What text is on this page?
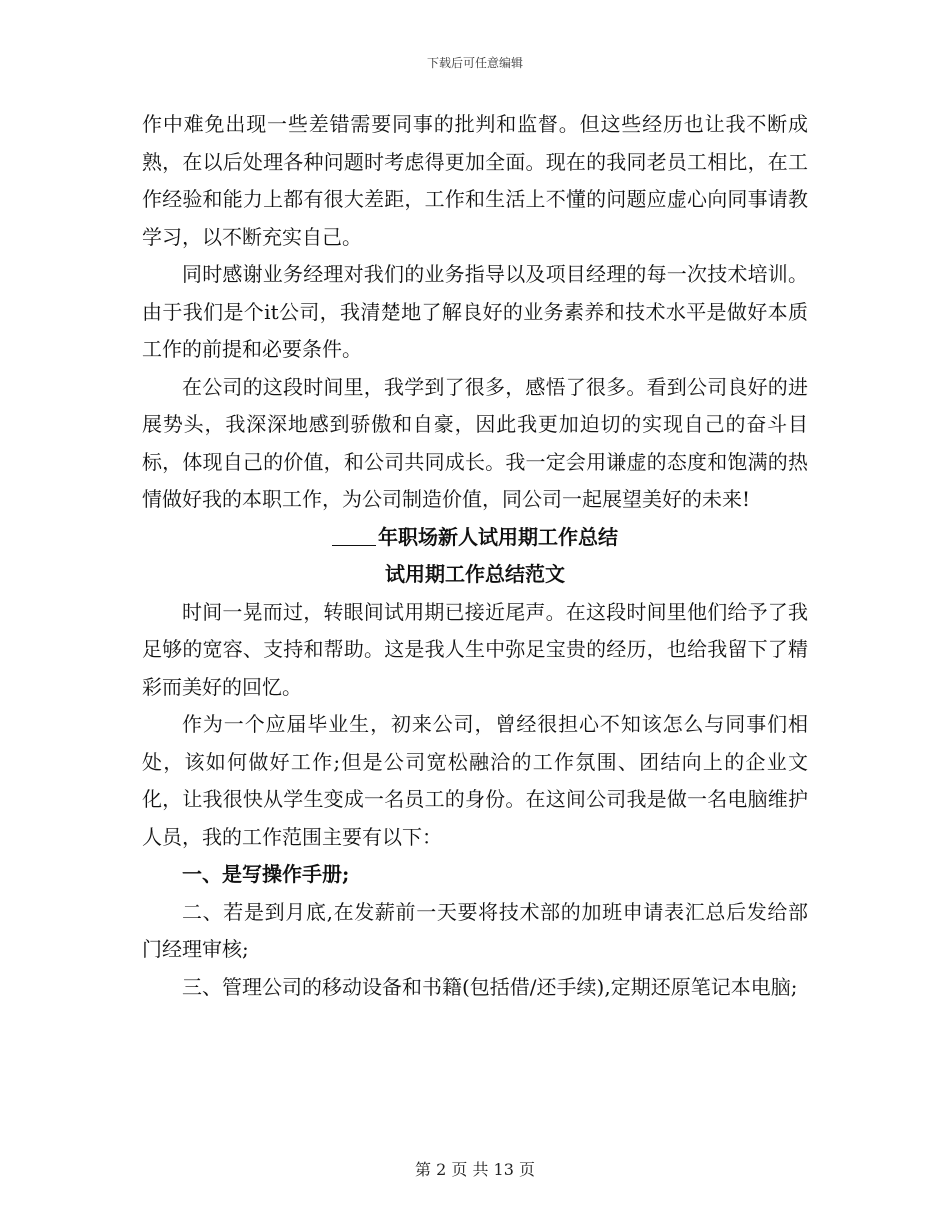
下载后可任意编辑

作中难免出现一些差错需要同事的批判和监督。但这些经历也让我不断成熟，在以后处理各种问题时考虑得更加全面。现在的我同老员工相比，在工作经验和能力上都有很大差距，工作和生活上不懂的问题应虚心向同事请教学习，以不断充实自己。

同时感谢业务经理对我们的业务指导以及项目经理的每一次技术培训。由于我们是个it公司，我清楚地了解良好的业务素养和技术水平是做好本质工作的前提和必要条件。

在公司的这段时间里，我学到了很多，感悟了很多。看到公司良好的进展势头，我深深地感到骄傲和自豪，因此我更加迫切的实现自己的奋斗目标，体现自己的价值，和公司共同成长。我一定会用谦虚的态度和饱满的热情做好我的本职工作，为公司制造价值，同公司一起展望美好的未来!

年职场新人试用期工作总结

试用期工作总结范文

时间一晃而过，转眼间试用期已接近尾声。在这段时间里他们给予了我足够的宽容、支持和帮助。这是我人生中弥足宝贵的经历，也给我留下了精彩而美好的回忆。

作为一个应届毕业生，初来公司，曾经很担心不知该怎么与同事们相处，该如何做好工作;但是公司宽松融洽的工作氛围、团结向上的企业文化，让我很快从学生变成一名员工的身份。在这间公司我是做一名电脑维护人员，我的工作范围主要有以下：

一、是写操作手册;

二、若是到月底,在发薪前一天要将技术部的加班申请表汇总后发给部门经理审核;

三、管理公司的移动设备和书籍(包括借/还手续),定期还原笔记本电脑;

第 2 页 共 13 页
